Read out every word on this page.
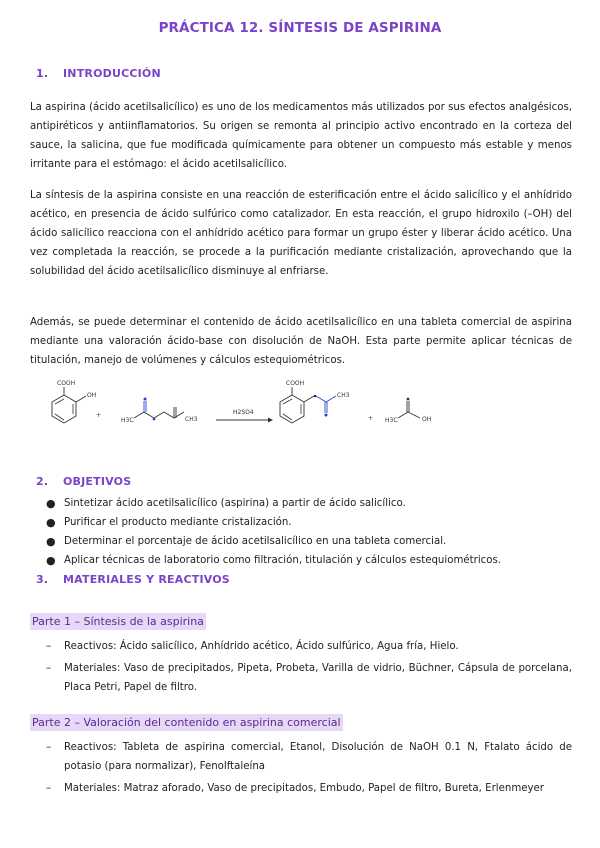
PRÁCTICA 12. SÍNTESIS DE ASPIRINA
1. INTRODUCCIÓN

La aspirina (ácido acetilsalicílico) es uno de los medicamentos más utilizados por sus efectos analgésicos, antipiréticos y antiinflamatorios. Su origen se remonta al principio activo encontrado en la corteza del sauce, la salicina, que fue modificada químicamente para obtener un compuesto más estable y menos irritante para el estómago: el ácido acetilsalicílico.

La síntesis de la aspirina consiste en una reacción de esterificación entre el ácido salicílico y el anhídrido acético, en presencia de ácido sulfúrico como catalizador. En esta reacción, el grupo hidroxilo (–OH) del ácido salicílico reacciona con el anhídrido acético para formar un grupo éster y liberar ácido acético. Una vez completada la reacción, se procede a la purificación mediante cristalización, aprovechando que la solubilidad del ácido acetilsalicílico disminuye al enfriarse.

Además, se puede determinar el contenido de ácido acetilsalicílico en una tableta comercial de aspirina mediante una valoración ácido-base con disolución de NaOH. Esta parte permite aplicar técnicas de titulación, manejo de volúmenes y cálculos estequiométricos.

COOH
OH
+
H3C	CH3
H2SO4
COOH
CH3
+ H3C	OH
2. OBJETIVOS
● Sintetizar ácido acetilsalicílico (aspirina) a partir de ácido salicílico.
● Purificar el producto mediante cristalización.
● Determinar el porcentaje de ácido acetilsalicílico en una tableta comercial.
● Aplicar técnicas de laboratorio como filtración, titulación y cálculos estequiométricos.
3. MATERIALES Y REACTIVOS
Parte 1 – Síntesis de la aspirina
– Reactivos: Ácido salicílico, Anhídrido acético, Ácido sulfúrico, Agua fría, Hielo.
– Materiales: Vaso de precipitados, Pipeta, Probeta, Varilla de vidrio, Büchner, Cápsula de porcelana, Placa Petri, Papel de filtro.
Parte 2 – Valoración del contenido en aspirina comercial
– Reactivos: Tableta de aspirina comercial, Etanol, Disolución de NaOH 0.1 N, Ftalato ácido de potasio (para normalizar), Fenolftaleína
– Materiales: Matraz aforado, Vaso de precipitados, Embudo, Papel de filtro, Bureta, Erlenmeyer
